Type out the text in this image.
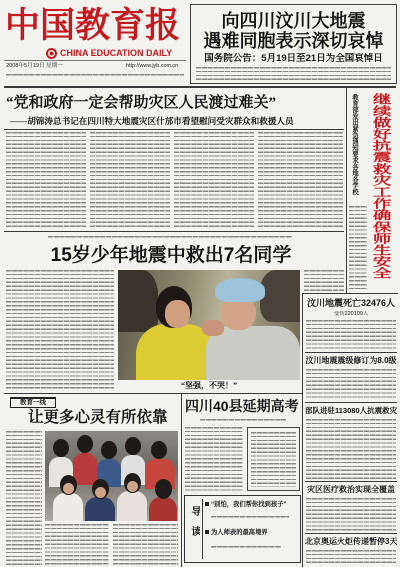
中国教育报
CHINA EDUCATION DAILY
2008年5月19日 星期一	http://www.jyb.com.cn
向四川汶川大地震
遇难同胞表示深切哀悼
国务院公告：5月19日至21日为全国哀悼日
“党和政府一定会帮助灾区人民渡过难关”
——胡锦涛总书记在四川特大地震灾区什邡市看望慰问受灾群众和救援人员	教育部发出紧急通知要求各地各学校 继续做好抗震救灾工作确保师生安全
15岁少年地震中救出7名同学
“坚强，不哭！”
汶川地震死亡32476人
受伤220109人
汶川地震震级修订为8.0级
部队进驻113080人抗震救灾
灾区医疗救治实现全覆盖
北京奥运火炬传递暂停3天
教育一线
让更多心灵有所依靠
四川40县延期高考
导读
“别怕，我们帮你找到孩子”
为人师表的最高境界
